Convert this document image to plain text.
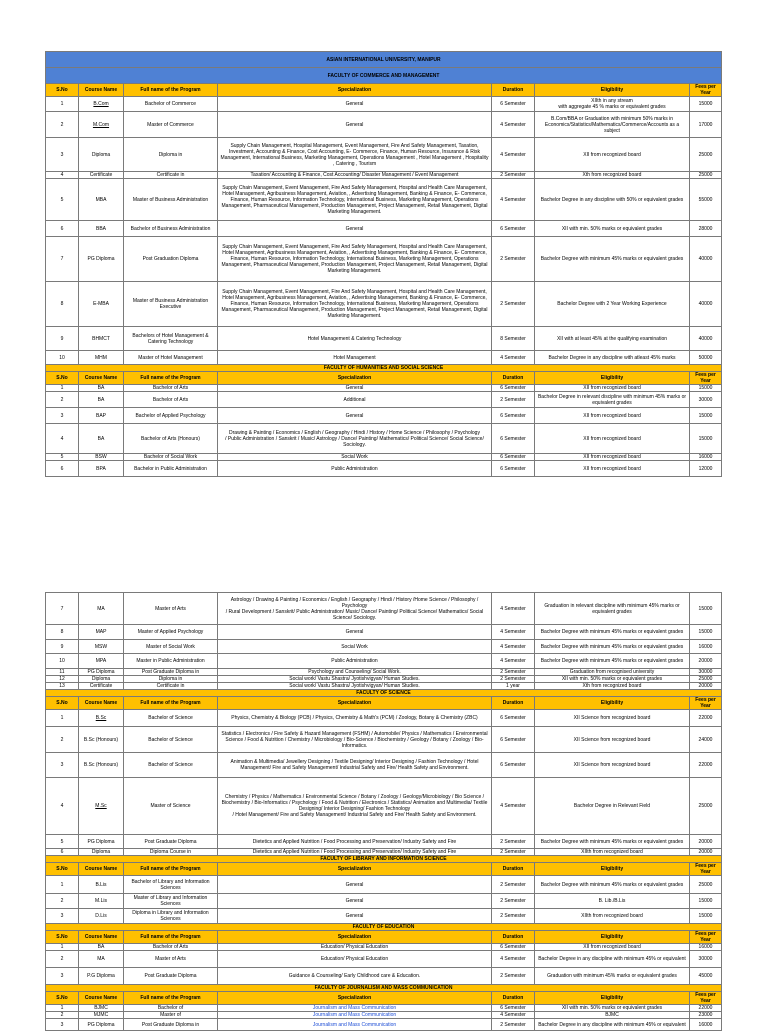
ASIAN INTERNATIONAL UNIVERSITY, MANIPUR						
FACULTY OF COMMERCE AND MANAGEMENT						
S.No	Course Name	Full name of the Program	Specialization	Duration	Eligibility	Fees per Year
1	B.Com	Bachelor of Commerce	General	6 Semester	XIIth in any stream
with aggregate 45 % marks or equivalent grades	15000
2	M.Com	Master of Commerce	General	4 Semester	B.Com/BBA or Graduation with minimum 50% marks in Economics/Statistics/Mathematics/Commerce/Accounts as a subject	17000
3	Diploma	Diploma in	Supply Chain Management, Hospital Management, Event Management, Fire And Safety Management, Taxation, Investment, Accounting & Finance, Cost Accounting, E- Commerce, Finance, Human Resource, Insurance & Risk Management, International Business, Marketing Management, Operations Management , Hotel Management , Hospitality , Catering , Tourism	4 Semester	XII from recognized board	25000
4	Certificate	Certificate in	Taxation/ Accounting & Finance, Cost Accounting/ Disaster Management / Event Management	2 Semester	Xth from recognized board	25000
5	MBA	Master of Business Administration	Supply Chain Management, Event Management, Fire And Safety Management, Hospital and Health Care Management, Hotel Management, Agribusiness Management, Aviation, , Advertising Management, Banking & Finance, E- Commerce, Finance, Human Resource, Information Technology, International Business, Marketing Management, Operations Management, Pharmaceutical Management, Production Management, Project Management, Retail Management, Digital Marketing Management.	4 Semester	Bachelor Degree in any discipline with 50% or equivalent grades	55000
6	BBA	Bachelor of Business Administration	General	6 Semester	XII with min. 50% marks or equivalent grades	28000
7	PG Diploma	Post Graduation Diploma	Supply Chain Management, Event Management, Fire And Safety Management, Hospital and Health Care Management, Hotel Management, Agribusiness Management, Aviation, , Advertising Management, Banking & Finance, E- Commerce, Finance, Human Resource, Information Technology, International Business, Marketing Management, Operations Management, Pharmaceutical Management, Production Management, Project Management, Retail Management, Digital Marketing Management.	2 Semester	Bachelor Degree with minimum 45% marks or equivalent grades	40000
8	E-MBA	Master of Business Administration Executive	Supply Chain Management, Event Management, Fire And Safety Management, Hospital and Health Care Management, Hotel Management, Agribusiness Management, Aviation, , Advertising Management, Banking & Finance, E- Commerce, Finance, Human Resource, Information Technology, International Business, Marketing Management, Operations Management, Pharmaceutical Management, Production Management, Project Management, Retail Management, Digital Marketing Management.	2 Semester	Bachelor Degree with 2 Year Working Experience	40000
9	BHMCT	Bachelors of Hotel Management & Catering Technology	Hotel Management & Catering Technology	8 Semester	XII with at least 45% at the qualifying examination	40000
10	MHM	Master of Hotel Management	Hotel Management	4 Semester	Bachelor Degree in any discipline with atleast 45% marks	50000
FACULTY OF HUMANITIES AND SOCIAL SCIENCE						
S.No	Course Name	Full name of the Program	Specialization	Duration	Eligibility	Fees per Year
1	BA	Bachelor of Arts	General	6 Semester	XII from recognized board	15000
2	BA	Bachelor of Arts	Additional	2 Semester	Bachelor Degree in relevant discipline with minimum 45% marks or equivalent grades	30000
3	BAP	Bachelor of Applied Psychology	General	6 Semester	XII from recognized board	15000
4	BA	Bachelor of Arts (Honours)	Drawing & Painting / Economics / English / Geography / Hindi / History / Home Science / Philosophy / Psychology
/ Public Administration / Sanskrit / Music/ Astrology / Dance/ Painting/ Mathematics/ Political Science/ Social Science/ Sociology.	6 Semester	XII from recognized board	15000
5	BSW	Bachelor of Social Work	Social Work	6 Semester	XII from recognized board	16000
6	BPA	Bachelor in Public Administration	Public Administration	6 Semester	XII from recognized board	12000
7	MA	Master of Arts	Astrology / Drawing & Painting / Economics / English / Geography / Hindi / History /Home Science / Philosophy / Psychology
/ Rural Development / Sanskrit/ Public Administration/ Music/ Dance/ Painting/ Political Science/ Mathematics/ Social Science/ Sociology.	4 Semester	Graduation in relevant discipline with minimum 45% marks or equivalent grades	15000
8	MAP	Master of Applied Psychology	General	4 Semester	Bachelor Degree with minimum 45% marks or equivalent grades	15000
9	MSW	Master of Social Work	Social Work	4 Semester	Bachelor Degree with minimum 45% marks or equivalent grades	16000
10	MPA	Master in Public Administration	Public Administration	4 Semester	Bachelor Degree with minimum 45% marks or equivalent grades	20000
11	PG Diploma	Post Graduate Diploma in	Psychology and Counseling/ Social Work.	2 Semester	Graduation from recognised university	30000
12	Diploma	Diploma in	Social work/ Vastu Shastra/ Jyotishvigyan/ Human Studies.	2 Semester	XII with min. 50% marks or equivalent grades	25000
13	Certificate	Certificate in	Social work/ Vastu Shastra/ Jyotishvigyan/ Human Studies.	1 year	Xth from recognized board	20000
FACULTY OF SCIENCE						
S.No	Course Name	Full name of the Program	Specialization	Duration	Eligibility	Fees per Year
1	B.Sc	Bachelor of Science	Physics, Chemistry & Biology (PCB) / Physics, Chemistry & Math's (PCM) / Zoology, Botany & Chemistry (ZBC)	6 Semester	XII Science from recognized board	22000
2	B.Sc (Honours)	Bachelor of Science	Statistics / Electronics / Fire Safety & Hazard Management (FSHM) / Automobile/ Physics / Mathematics / Environmental Science / Food & Nutrition / Chemistry / Microbiology / Bio-Science / Biochemistry / Geology / Botany / Zoology / Bio-Informatics.	6 Semester	XII Science from recognized board	24000
3	B.Sc (Honours)	Bachelor of Science	Animation & Multimedia/ Jewellery Designing / Textile Designing/ Interior Designing / Fashion Technology / Hotel Management/ Fire and Safety Management/ Industrial Safety and Fire/ Health Safety and Environment.	6 Semester	XII Science from recognized board	22000
4	M.Sc	Master of Science	Chemistry / Physics / Mathematics / Environmental Science / Botany / Zoology / Geology/Microbiology / Bio Science / Biochemistry / Bio-Informatics / Psychology / Food & Nutrition / Electronics / Statistics/ Animation and Multimedia/ Textile Designing/ Interior Designing/ Fashion Technology
/ Hotel Management/ Fire and Safety Management/ Industrial Safety and Fire/ Health Safety and Environment.	4 Semester	Bachelor Degree in Relevant Field	25000
5	PG Diploma	Post Graduate Diploma	Dietetics and Applied Nutrition / Food Processing and Preservation/ Industry Safety and Fire	2 Semester	Bachelor Degree with minimum 45% marks or equivalent grades	20000
6	Diploma	Diploma Course in	Dietetics and Applied Nutrition / Food Processing and Preservation/ Industry Safety and Fire	2 Semester	XIIth from recognized board	20000
FACULTY OF LIBRARY AND INFORMATION SCIENCE						
S.No	Course Name	Full name of the Program	Specialization	Duration	Eligibility	Fees per Year
1	B.Lis	Bachelor of Library and Information Sciences	General	2 Semester	Bachelor Degree with minimum 45% marks or equivalent grades	25000
2	M.Lis	Master of Library and Information Sciences	General	2 Semester	B. Lib./B.Lis	15000
3	D.Lis	Diploma in Library and Information Sciences	General	2 Semester	XIIth from recognized board	15000
FACULTY OF EDUCATION						
S.No	Course Name	Full name of the Program	Specialization	Duration	Eligibility	Fees per Year
1	BA	Bachelor of Arts	Education/ Physical Education	6 Semester	XII from recognized board	16000
2	MA	Master of Arts	Education/ Physical Education	4 Semester	Bachelor Degree in any discipline with minimum 45% or equivalent	30000
3	P.G Diploma	Post Graduate Diploma	Guidance & Counseling/ Early Childhood care & Education.	2 Semester	Graduation with minimum 45% marks or equivalent grades	45000
FACULTY OF JOURNALISM AND MASS COMMUNICATION						
S.No	Course Name	Full name of the Program	Specialization	Duration	Eligibility	Fees per Year
1	BJMC	Bachelor of	Journalism and Mass Communication	6 Semester	XII with min. 50% marks or equivalent grades	22000
2	MJMC	Master of	Journalism and Mass Communication	4 Semester	BJMC	23000
3	PG Diploma	Post Graduate Diploma in	Journalism and Mass Communication	2 Semester	Bachelor Degree in any discipline with minimum 45% or equivalent	16000
